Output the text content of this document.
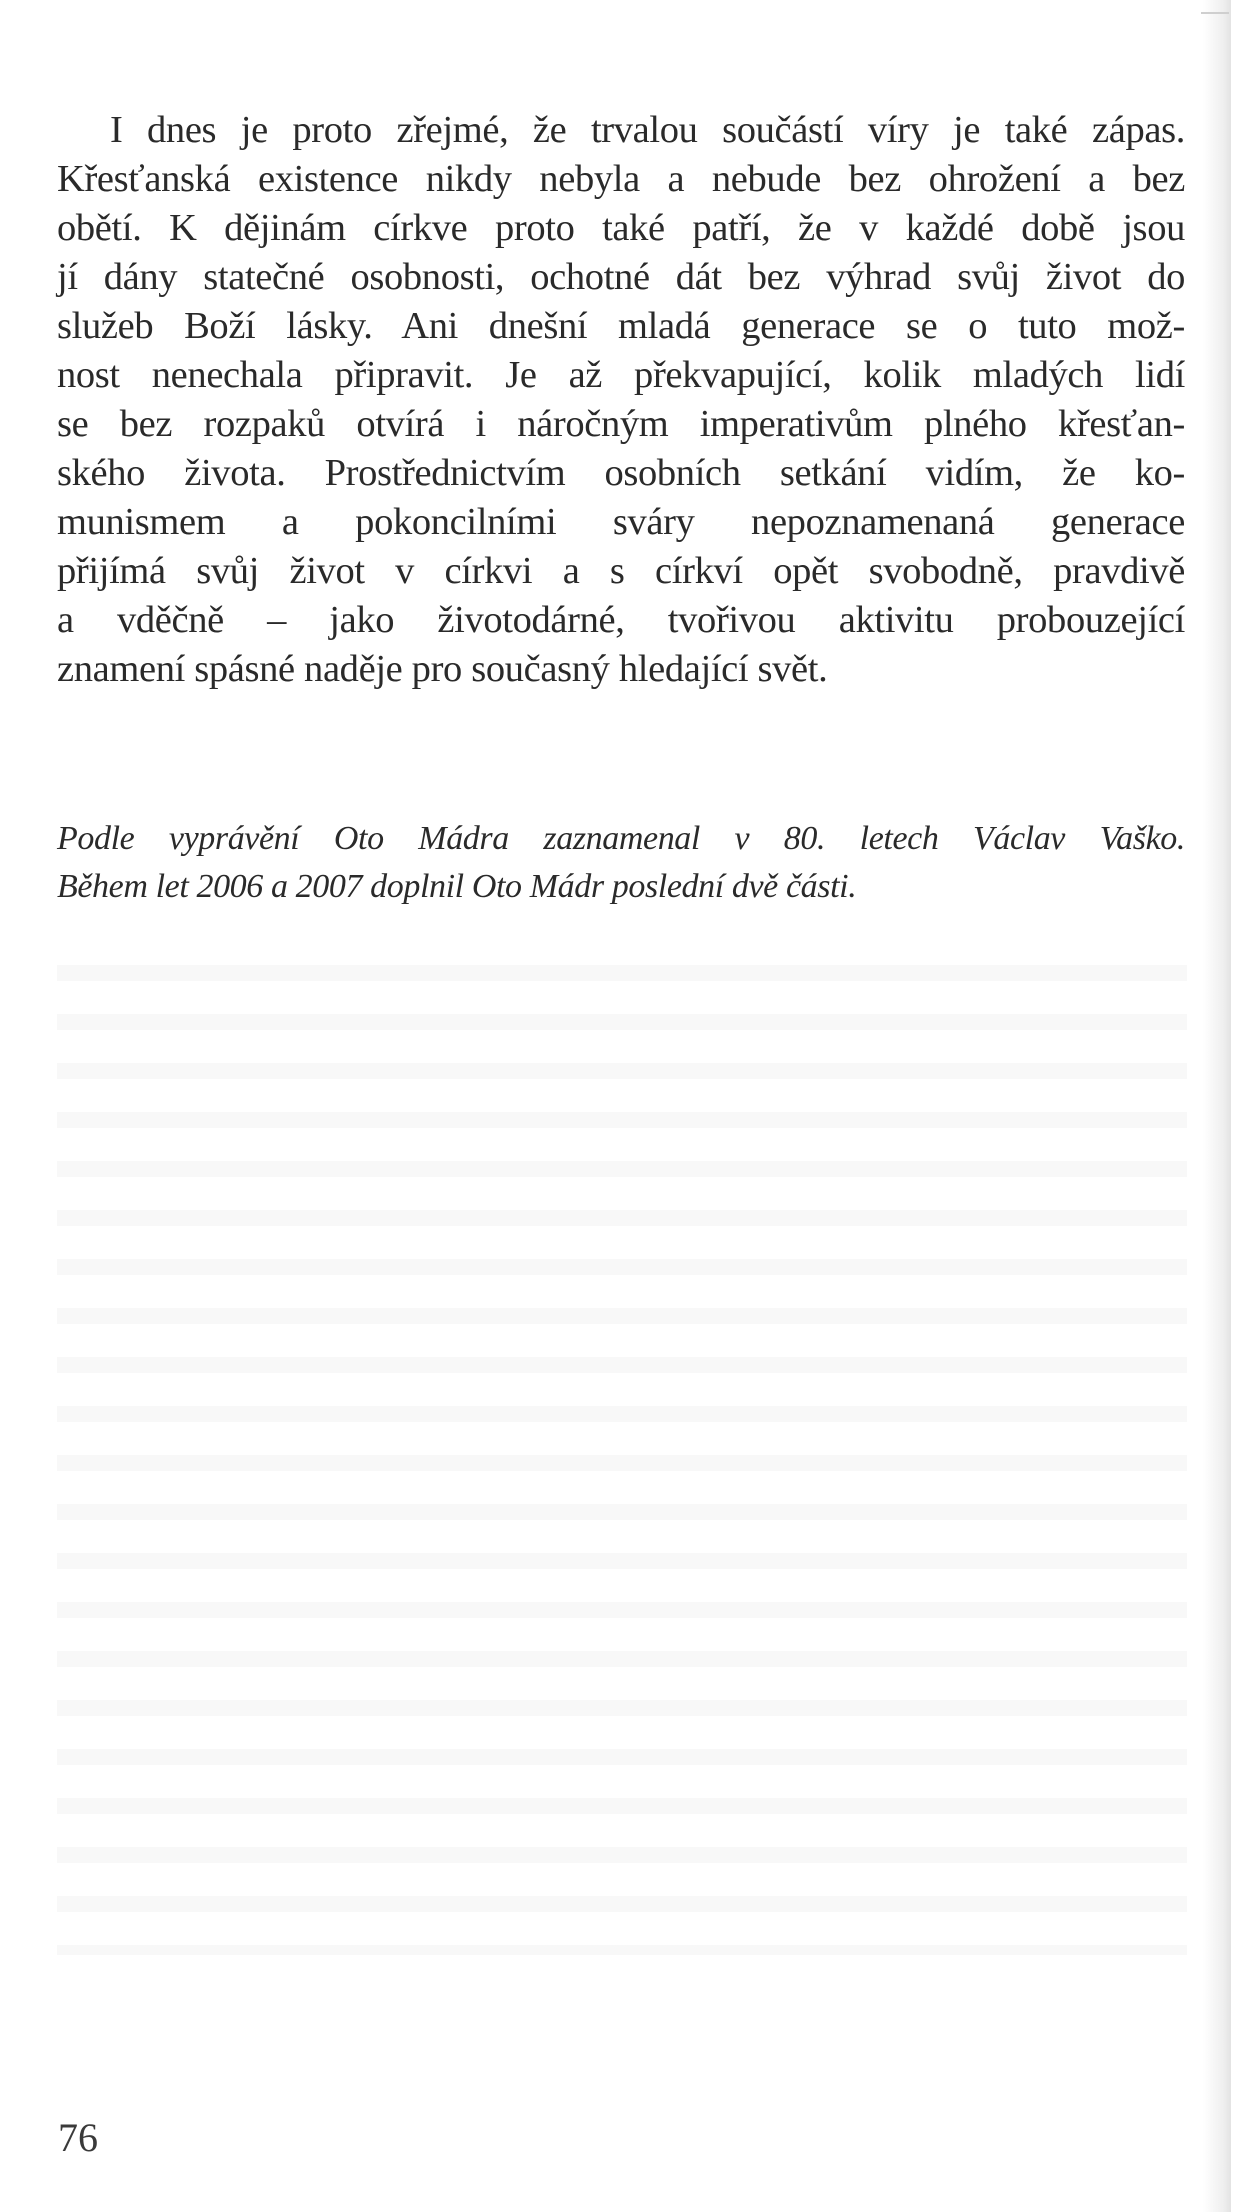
I dnes je proto zřejmé, že trvalou součástí víry je také zápas.
Křesťanská existence nikdy nebyla a nebude bez ohrožení a bez
obětí. K dějinám církve proto také patří, že v každé době jsou
jí dány statečné osobnosti, ochotné dát bez výhrad svůj život do
služeb Boží lásky. Ani dnešní mladá generace se o tuto mož-
nost nenechala připravit. Je až překvapující, kolik mladých lidí
se bez rozpaků otvírá i náročným imperativům plného křesťan-
ského života. Prostřednictvím osobních setkání vidím, že ko-
munismem a pokoncilními sváry nepoznamenaná generace
přijímá svůj život v církvi a s církví opět svobodně, pravdivě
a vděčně – jako životodárné, tvořivou aktivitu probouzející
znamení spásné naděje pro současný hledající svět.
Podle vyprávění Oto Mádra zaznamenal v 80. letech Václav Vaško.
Během let 2006 a 2007 doplnil Oto Mádr poslední dvě části.
76
